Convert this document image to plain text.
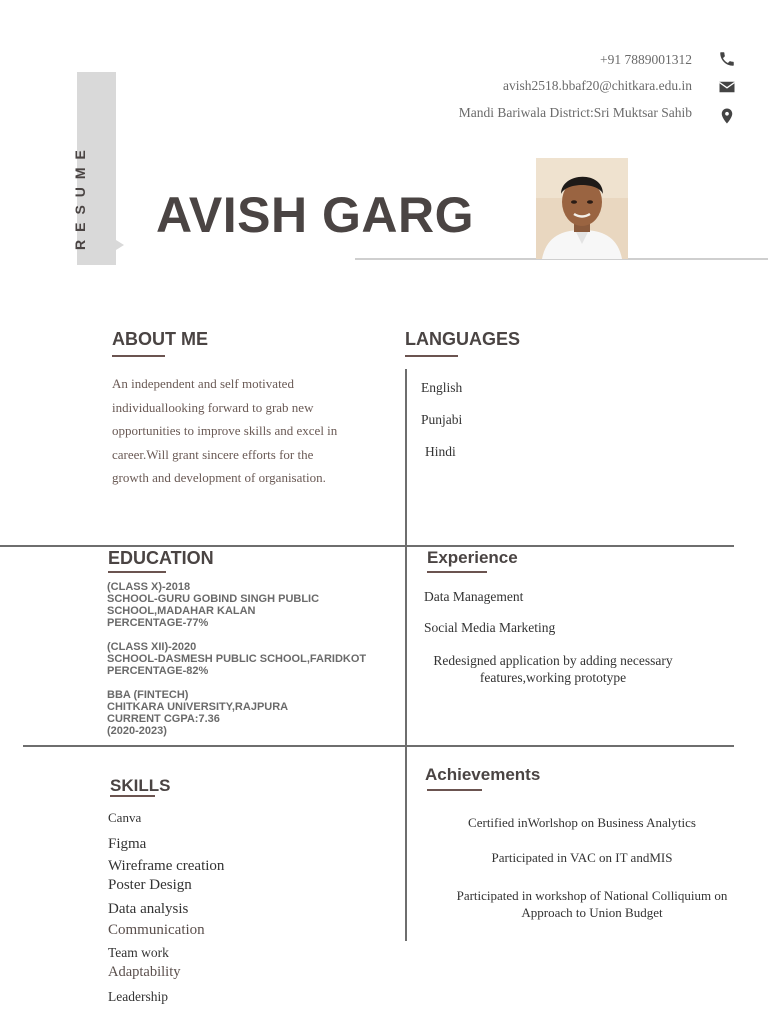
+91 7889001312
avish2518.bbaf20@chitkara.edu.in
Mandi Bariwala District:Sri Muktsar Sahib
RESUME AVISH GARG
ABOUT ME
An independent and self motivated individuallooking forward to grab new opportunities to improve skills and excel in career.Will grant sincere efforts for the growth and development of organisation.
LANGUAGES
English
Punjabi
Hindi
EDUCATION
(CLASS X)-2018
SCHOOL-GURU GOBIND SINGH PUBLIC
SCHOOL,MADAHAR KALAN
PERCENTAGE-77%
(CLASS XII)-2020
SCHOOL-DASMESH PUBLIC SCHOOL,FARIDKOT
PERCENTAGE-82%
BBA (FINTECH)
CHITKARA UNIVERSITY,RAJPURA
CURRENT CGPA:7.36
(2020-2023)
Experience
Data Management
Social Media Marketing
Redesigned application by adding necessary
features,working prototype
SKILLS
Canva
Figma
Wireframe creation
Poster Design
Data analysis
Communication
Team work
Adaptability
Leadership
Achievements
Certified inWorlshop on Business Analytics
Participated in VAC on IT andMIS
Participated in workshop of National Colliquium on
Approach to Union Budget
